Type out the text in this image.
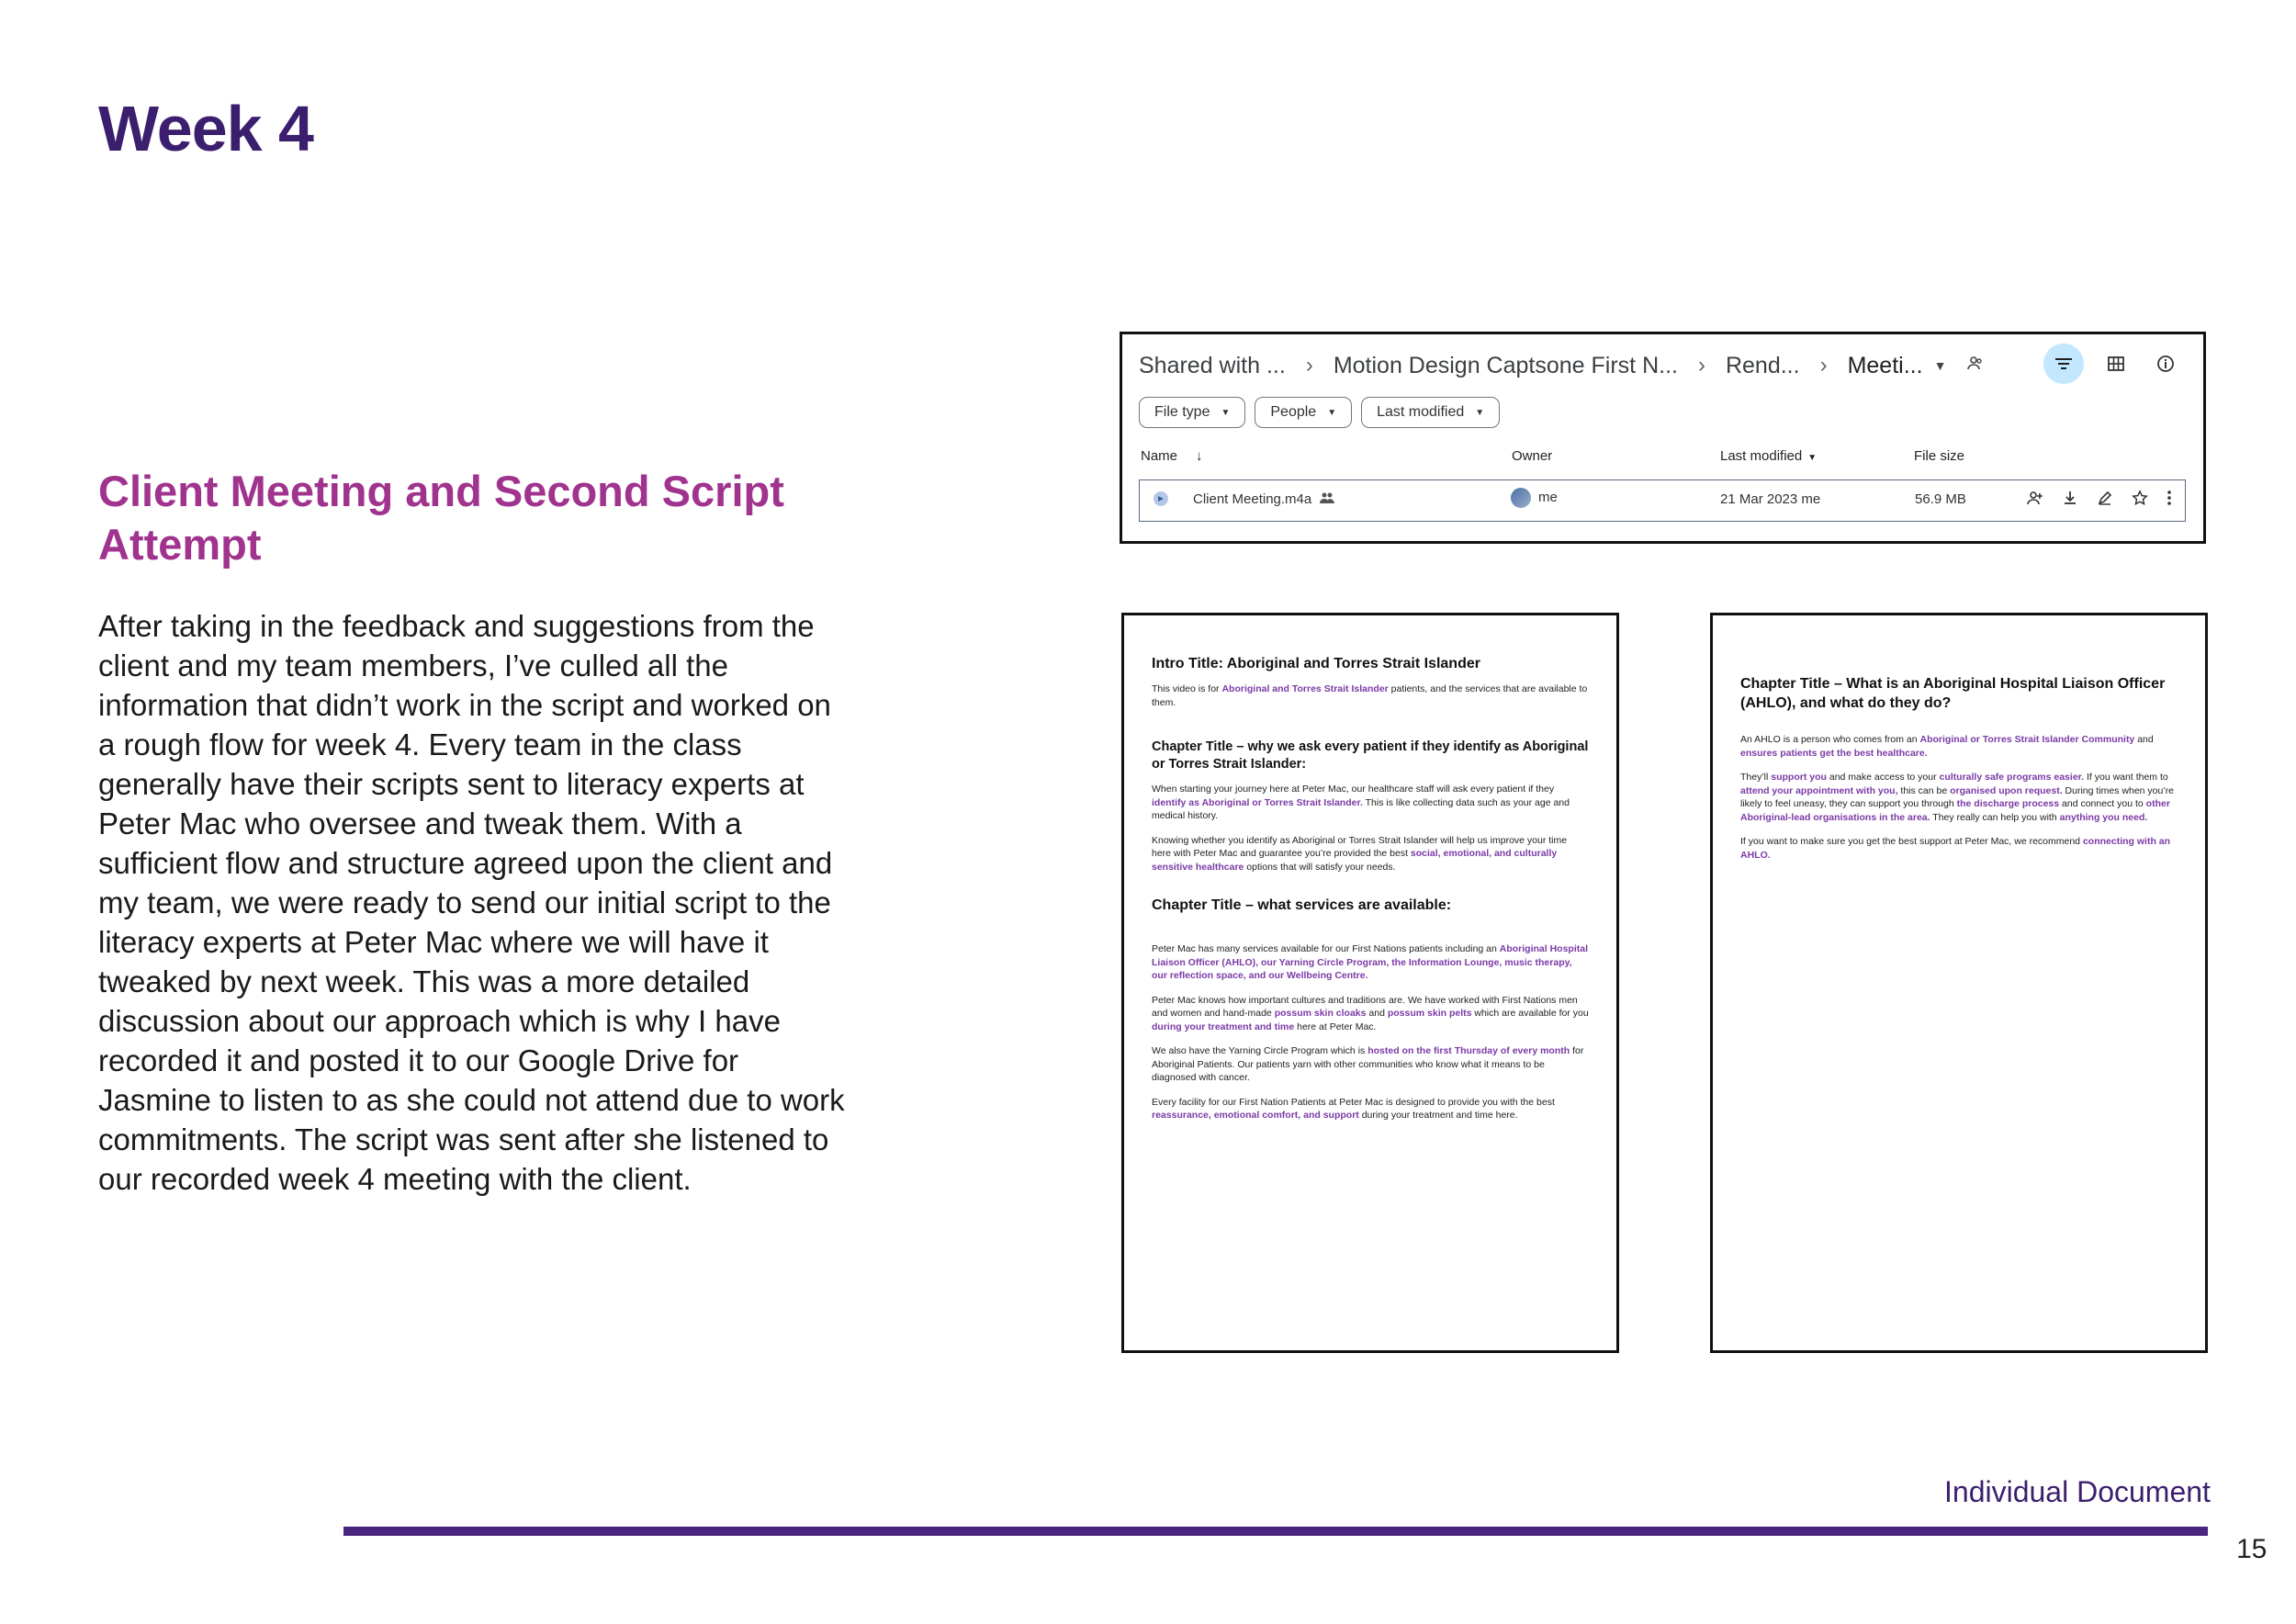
Week 4
Client Meeting and Second Script Attempt

After taking in the feedback and suggestions from the client and my team members, I’ve culled all the information that didn’t work in the script and worked on a rough flow for week 4. Every team in the class generally have their scripts sent to literacy experts at Peter Mac who oversee and tweak them. With a sufficient flow and structure agreed upon the client and my team, we were ready to send our initial script to the literacy experts at Peter Mac where we will have it tweaked by next week. This was a more detailed discussion about our approach which is why I have recorded it and posted it to our Google Drive for Jasmine to listen to as she could not attend due to work commitments. The script was sent after she listened to our recorded week 4 meeting with the client.

Shared with ... › Motion Design Captsone First N... › Rend... › Meeti... ▼
File type ▼	People ▼	Last modified ▼
Name ↓	Owner	Last modified ▼	File size
Client Meeting.m4a	me	21 Mar 2023 me	56.9 MB
Intro Title: Aboriginal and Torres Strait Islander

This video is for Aboriginal and Torres Strait Islander patients, and the services that are available to them.

Chapter Title – why we ask every patient if they identify as Aboriginal or Torres Strait Islander:

When starting your journey here at Peter Mac, our healthcare staff will ask every patient if they identify as Aboriginal or Torres Strait Islander. This is like collecting data such as your age and medical history.

Knowing whether you identify as Aboriginal or Torres Strait Islander will help us improve your time here with Peter Mac and guarantee you’re provided the best social, emotional, and culturally sensitive healthcare options that will satisfy your needs.

Chapter Title – what services are available:

Peter Mac has many services available for our First Nations patients including an Aboriginal Hospital Liaison Officer (AHLO), our Yarning Circle Program, the Information Lounge, music therapy, our reflection space, and our Wellbeing Centre.

Peter Mac knows how important cultures and traditions are. We have worked with First Nations men and women and hand-made possum skin cloaks and possum skin pelts which are available for you during your treatment and time here at Peter Mac.

We also have the Yarning Circle Program which is hosted on the first Thursday of every month for Aboriginal Patients. Our patients yarn with other communities who know what it means to be diagnosed with cancer.

Every facility for our First Nation Patients at Peter Mac is designed to provide you with the best reassurance, emotional comfort, and support during your treatment and time here.

Chapter Title – What is an Aboriginal Hospital Liaison Officer (AHLO), and what do they do?

An AHLO is a person who comes from an Aboriginal or Torres Strait Islander Community and ensures patients get the best healthcare.

They’ll support you and make access to your culturally safe programs easier. If you want them to attend your appointment with you, this can be organised upon request. During times when you’re likely to feel uneasy, they can support you through the discharge process and connect you to other Aboriginal-lead organisations in the area. They really can help you with anything you need.

If you want to make sure you get the best support at Peter Mac, we recommend connecting with an AHLO.

Individual Document
15
